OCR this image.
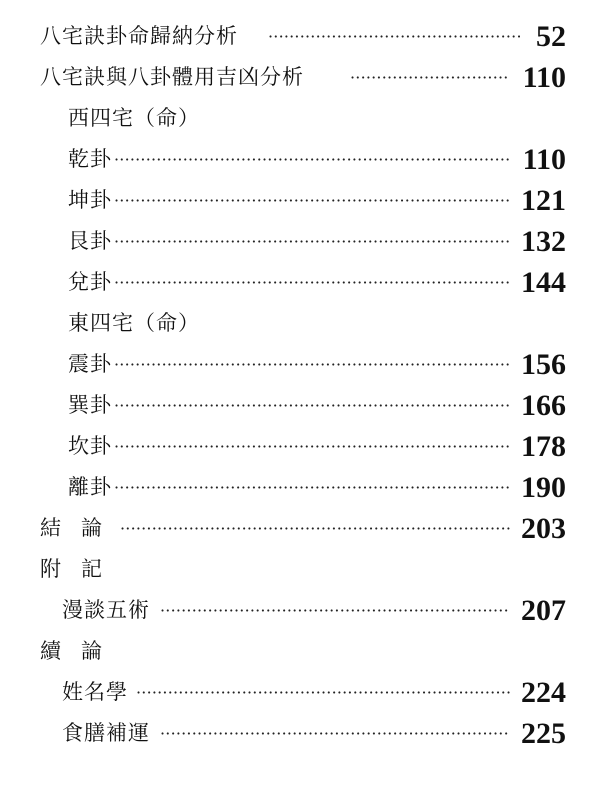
八宅訣卦命歸納分析 ·····	52
八宅訣與八卦體用吉凶分析 ·····	110
西四宅（命）
乾卦 ·····	110
坤卦 ·····	121
艮卦 ·····	132
兌卦 ·····	144
東四宅（命）
震卦 ·····	156
巽卦 ·····	166
坎卦 ·····	178
離卦 ·····	190
結論 ·····	203
附記
漫談五術 ·····	207
續論
姓名學 ·····	224
食膳補運 ·····	225
